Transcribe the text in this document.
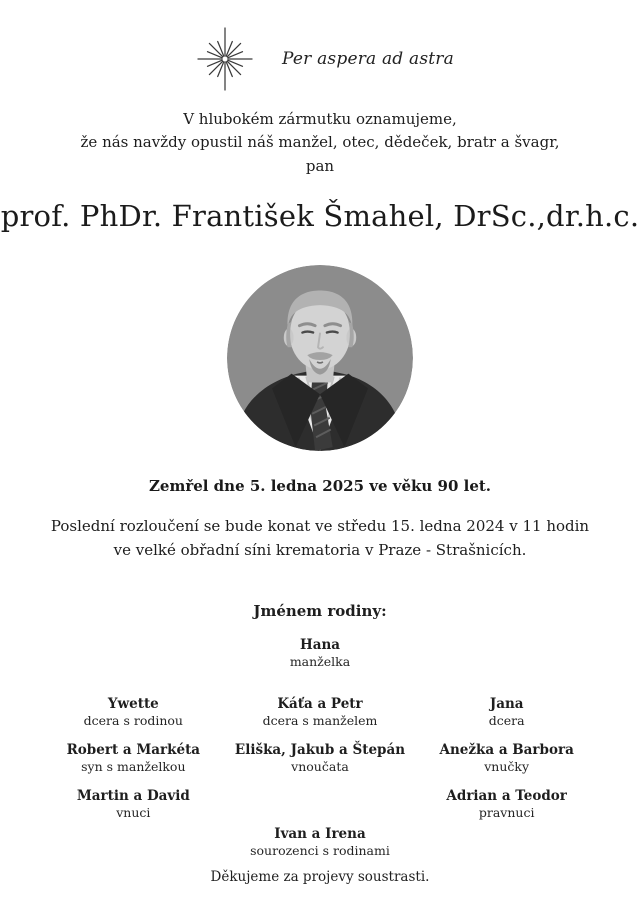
Per aspera ad astra
V hlubokém zármutku oznamujeme,
že nás navždy opustil náš manžel, otec, dědeček, bratr a švagr,
pan
prof. PhDr. František Šmahel, DrSc.,dr.h.c.
Zemřel dne 5. ledna 2025 ve věku 90 let.
Poslední rozloučení se bude konat ve středu 15. ledna 2024 v 11 hodin
ve velké obřadní síni krematoria v Praze - Strašnicích.
Jménem rodiny:
Hana
manželka
Ywette
dcera s rodinou
Káťa a Petr
dcera s manželem
Jana
dcera
Robert a Markéta
syn s manželkou
Eliška, Jakub a Štepán
vnoučata
Anežka a Barbora
vnučky
Martin a David
vnuci
Adrian a Teodor
pravnuci
Ivan a Irena
sourozenci s rodinami
Děkujeme za projevy soustrasti.
